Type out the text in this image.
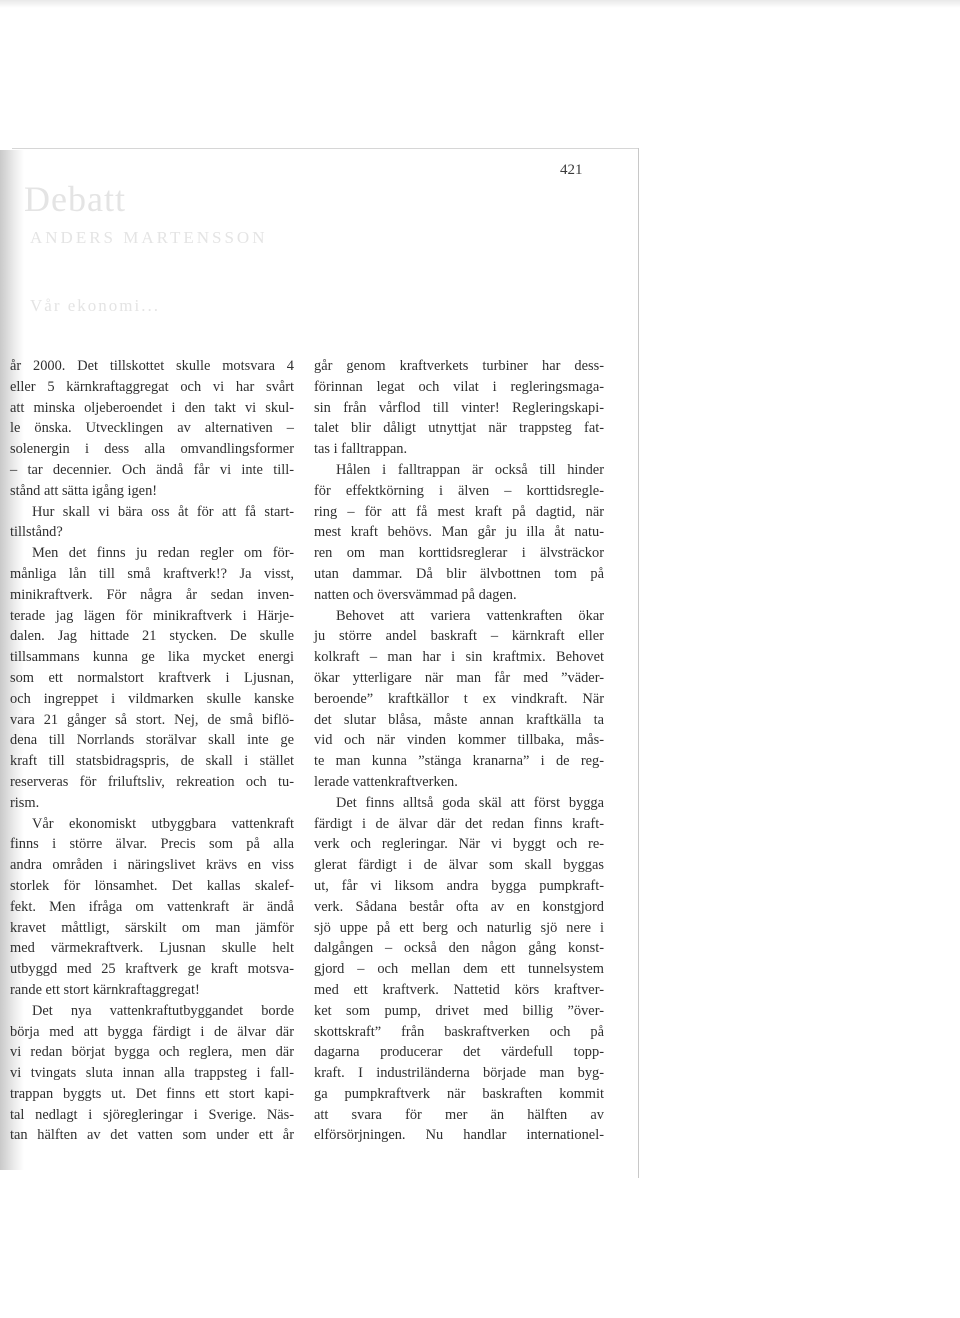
Debatt
ANDERS MARTENSSON
Vår ekonomi...
421
år 2000. Det tillskottet skulle motsvara 4
eller 5 kärnkraftaggregat och vi har svårt
att minska oljeberoendet i den takt vi skul-
le önska. Utvecklingen av alternativen –
solenergin i dess alla omvandlingsformer
– tar decennier. Och ändå får vi inte till-
stånd att sätta igång igen!
Hur skall vi bära oss åt för att få start-
tillstånd?
Men det finns ju redan regler om för-
månliga lån till små kraftverk!? Ja visst,
minikraftverk. För några år sedan inven-
terade jag lägen för minikraftverk i Härje-
dalen. Jag hittade 21 stycken. De skulle
tillsammans kunna ge lika mycket energi
som ett normalstort kraftverk i Ljusnan,
och ingreppet i vildmarken skulle kanske
vara 21 gånger så stort. Nej, de små biflö-
dena till Norrlands storälvar skall inte ge
kraft till statsbidragspris, de skall i stället
reserveras för friluftsliv, rekreation och tu-
rism.
Vår ekonomiskt utbyggbara vattenkraft
finns i större älvar. Precis som på alla
andra områden i näringslivet krävs en viss
storlek för lönsamhet. Det kallas skalef-
fekt. Men ifråga om vattenkraft är ändå
kravet måttligt, särskilt om man jämför
med värmekraftverk. Ljusnan skulle helt
utbyggd med 25 kraftverk ge kraft motsva-
rande ett stort kärnkraftaggregat!
Det nya vattenkraftutbyggandet borde
börja med att bygga färdigt i de älvar där
vi redan börjat bygga och reglera, men där
vi tvingats sluta innan alla trappsteg i fall-
trappan byggts ut. Det finns ett stort kapi-
tal nedlagt i sjöregleringar i Sverige. Näs-
tan hälften av det vatten som under ett år
går genom kraftverkets turbiner har dess-
förinnan legat och vilat i regleringsmaga-
sin från vårflod till vinter! Regleringskapi-
talet blir dåligt utnyttjat när trappsteg fat-
tas i falltrappan.
Hålen i falltrappan är också till hinder
för effektkörning i älven – korttidsregle-
ring – för att få mest kraft på dagtid, när
mest kraft behövs. Man går ju illa åt natu-
ren om man korttidsreglerar i älvsträckor
utan dammar. Då blir älvbottnen tom på
natten och översvämmad på dagen.
Behovet att variera vattenkraften ökar
ju större andel baskraft – kärnkraft eller
kolkraft – man har i sin kraftmix. Behovet
ökar ytterligare när man får med ”väder-
beroende” kraftkällor t ex vindkraft. När
det slutar blåsa, måste annan kraftkälla ta
vid och när vinden kommer tillbaka, mås-
te man kunna ”stänga kranarna” i de reg-
lerade vattenkraftverken.
Det finns alltså goda skäl att först bygga
färdigt i de älvar där det redan finns kraft-
verk och regleringar. När vi byggt och re-
glerat färdigt i de älvar som skall byggas
ut, får vi liksom andra bygga pumpkraft-
verk. Sådana består ofta av en konstgjord
sjö uppe på ett berg och naturlig sjö nere i
dalgången – också den någon gång konst-
gjord – och mellan dem ett tunnelsystem
med ett kraftverk. Nattetid körs kraftver-
ket som pump, drivet med billig ”över-
skottskraft” från baskraftverken och på
dagarna producerar det värdefull topp-
kraft. I industriländerna började man byg-
ga pumpkraftverk när baskraften kommit
att svara för mer än hälften av
elförsörjningen. Nu handlar internationel-
